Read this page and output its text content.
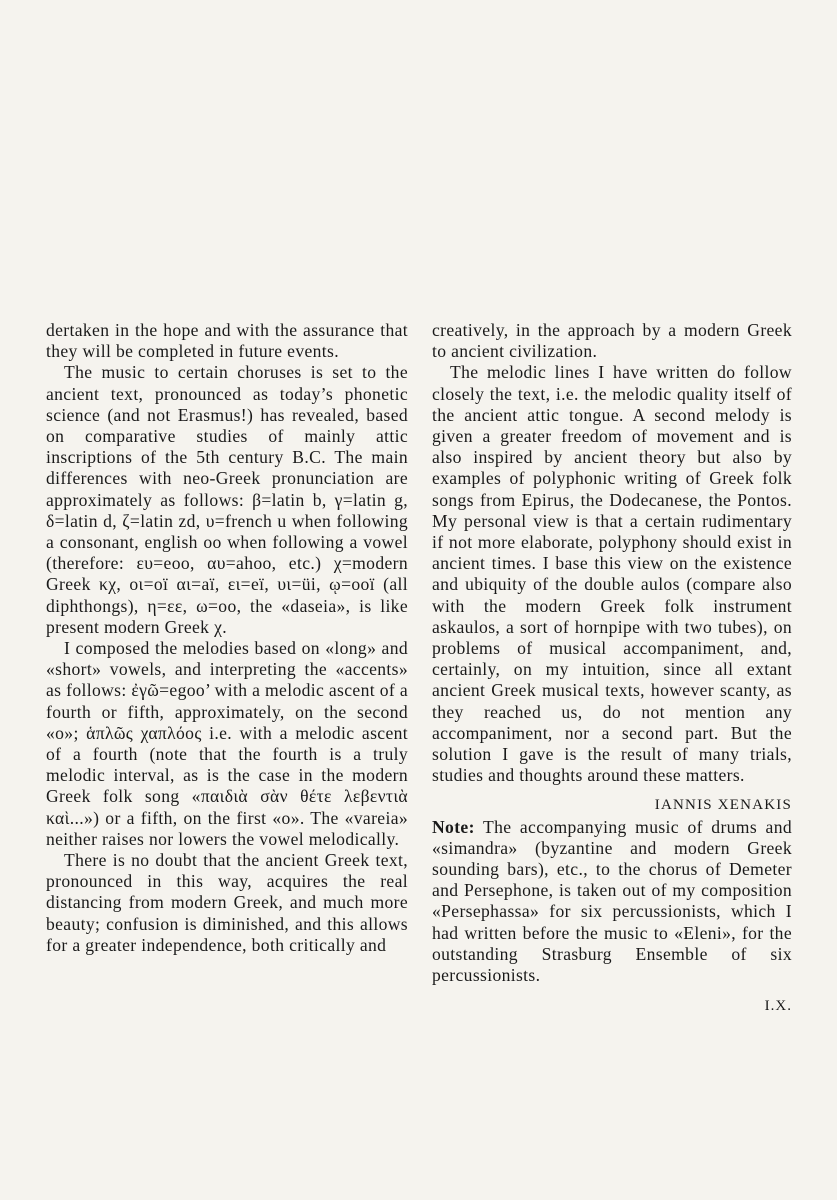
dertaken in the hope and with the assurance that they will be completed in future events.

The music to certain choruses is set to the ancient text, pronounced as today’s phonetic science (and not Erasmus!) has revealed, based on comparative studies of mainly attic inscriptions of the 5th century B.C. The main differences with neo-Greek pronunciation are approximately as follows: β=latin b, γ=latin g, δ=latin d, ζ=latin zd, υ=french u when following a consonant, english oo when following a vowel (therefore: ευ=eoo, αυ=ahoo, etc.) χ=modern Greek κχ, οι=oï αι=aï, ει=eï, υι=üi, ῳ=ooï (all diphthongs), η=εε, ω=oo, the «daseia», is like present modern Greek χ.

I composed the melodies based on «long» and «short» vowels, and interpreting the «accents» as follows: ἐγῶ=egoo’ with a melodic ascent of a fourth or fifth, approximately, on the second «o»; ἁπλῶς χαπλόος i.e. with a melodic ascent of a fourth (note that the fourth is a truly melodic interval, as is the case in the modern Greek folk song «παιδιὰ σὰν θέτε λεβεντιὰ καὶ...») or a fifth, on the first «o». The «vareia» neither raises nor lowers the vowel melodically.

There is no doubt that the ancient Greek text, pronounced in this way, acquires the real distancing from modern Greek, and much more beauty; confusion is diminished, and this allows for a greater independence, both critically and

creatively, in the approach by a modern Greek to ancient civilization.

The melodic lines I have written do follow closely the text, i.e. the melodic quality itself of the ancient attic tongue. A second melody is given a greater freedom of movement and is also inspired by ancient theory but also by examples of polyphonic writing of Greek folk songs from Epirus, the Dodecanese, the Pontos. My personal view is that a certain rudimentary if not more elaborate, polyphony should exist in ancient times. I base this view on the existence and ubiquity of the double aulos (compare also with the modern Greek folk instrument askaulos, a sort of hornpipe with two tubes), on problems of musical accompaniment, and, certainly, on my intuition, since all extant ancient Greek musical texts, however scanty, as they reached us, do not mention any accompaniment, nor a second part. But the solution I gave is the result of many trials, studies and thoughts around these matters.

IANNIS XENAKIS

Note: The accompanying music of drums and «simandra» (byzantine and modern Greek sounding bars), etc., to the chorus of Demeter and Persephone, is taken out of my composition «Persephassa» for six percussionists, which I had written before the music to «Eleni», for the outstanding Strasburg Ensemble of six percussionists.

I.X.
